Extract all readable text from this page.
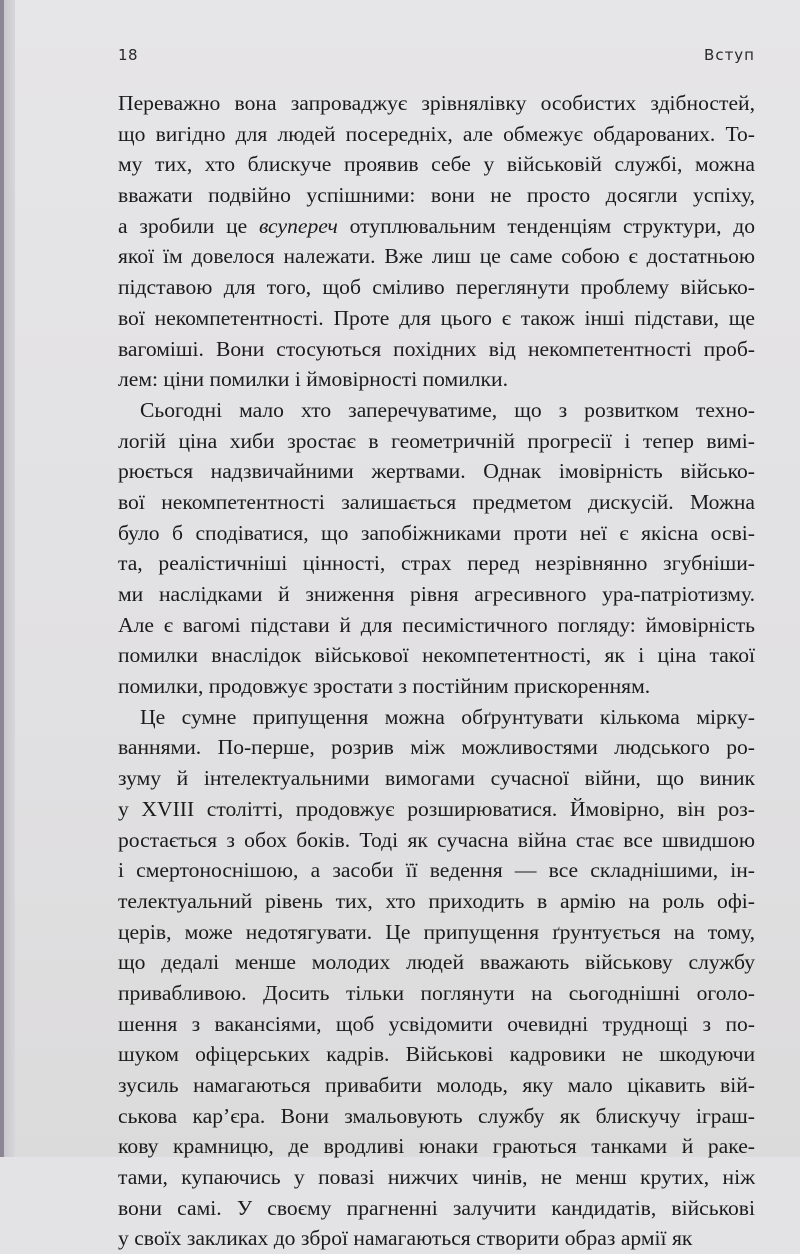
18	Вступ

Переважно вона запроваджує зрівнялівку особистих здібностей,
що вигідно для людей посередніх, але обмежує обдарованих. То-
му тих, хто блискуче проявив себе у військовій службі, можна
вважати подвійно успішними: вони не просто досягли успіху,
а зробили це всупереч отуплювальним тенденціям структури, до
якої їм довелося належати. Вже лиш це саме собою є достатньою
підставою для того, щоб сміливо переглянути проблему військо-
вої некомпетентності. Проте для цього є також інші підстави, ще
вагоміші. Вони стосуються похідних від некомпетентності проб-
лем: ціни помилки і ймовірності помилки.

Сьогодні мало хто заперечуватиме, що з розвитком техно-
логій ціна хиби зростає в геометричній прогресії і тепер вимі-
рюється надзвичайними жертвами. Однак імовірність військо-
вої некомпетентності залишається предметом дискусій. Можна
було б сподіватися, що запобіжниками проти неї є якісна осві-
та, реалістичніші цінності, страх перед незрівнянно згубніши-
ми наслідками й зниження рівня агресивного ура-патріотизму.
Але є вагомі підстави й для песимістичного погляду: ймовірність
помилки внаслідок військової некомпетентності, як і ціна такої
помилки, продовжує зростати з постійним прискоренням.

Це сумне припущення можна обґрунтувати кількома мірку-
ваннями. По-перше, розрив між можливостями людського ро-
зуму й інтелектуальними вимогами сучасної війни, що виник
у XVIII столітті, продовжує розширюватися. Ймовірно, він роз-
ростається з обох боків. Тоді як сучасна війна стає все швидшою
і смертоноснішою, а засоби її ведення — все складнішими, ін-
телектуальний рівень тих, хто приходить в армію на роль офі-
церів, може недотягувати. Це припущення ґрунтується на тому,
що дедалі менше молодих людей вважають військову службу
привабливою. Досить тільки поглянути на сьогоднішні оголо-
шення з вакансіями, щоб усвідомити очевидні труднощі з по-
шуком офіцерських кадрів. Військові кадровики не шкодуючи
зусиль намагаються привабити молодь, яку мало цікавить вій-
ськова кар’єра. Вони змальовують службу як блискучу іграш-
кову крамницю, де вродливі юнаки граються танками й раке-
тами, купаючись у повазі нижчих чинів, не менш крутих, ніж
вони самі. У своєму прагненні залучити кандидатів, військові
у своїх закликах до зброї намагаються створити образ армії як
